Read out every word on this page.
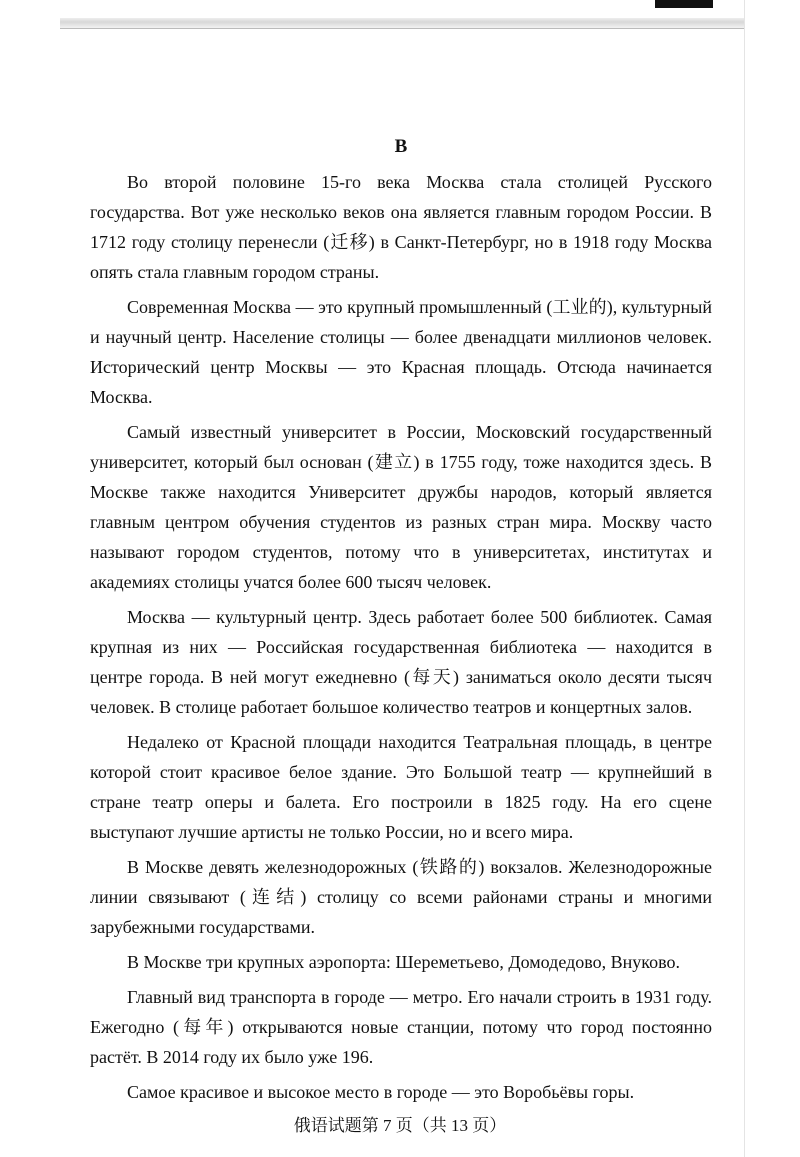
B

Во второй половине 15-го века Москва стала столицей Русского государства. Вот уже несколько веков она является главным городом России. В 1712 году столицу перенесли (迁移) в Санкт-Петербург, но в 1918 году Москва опять стала главным городом страны.

Современная Москва — это крупный промышленный (工业的), культурный и научный центр. Население столицы — более двенадцати миллионов человек. Исторический центр Москвы — это Красная площадь. Отсюда начинается Москва.

Самый известный университет в России, Московский государственный университет, который был основан (建立) в 1755 году, тоже находится здесь. В Москве также находится Университет дружбы народов, который является главным центром обучения студентов из разных стран мира. Москву часто называют городом студентов, потому что в университетах, институтах и академиях столицы учатся более 600 тысяч человек.

Москва — культурный центр. Здесь работает более 500 библиотек. Самая крупная из них — Российская государственная библиотека — находится в центре города. В ней могут ежедневно (每天) заниматься около десяти тысяч человек. В столице работает большое количество театров и концертных залов.

Недалеко от Красной площади находится Театральная площадь, в центре которой стоит красивое белое здание. Это Большой театр — крупнейший в стране театр оперы и балета. Его построили в 1825 году. На его сцене выступают лучшие артисты не только России, но и всего мира.

В Москве девять железнодорожных (铁路的) вокзалов. Железнодорожные линии связывают (连结) столицу со всеми районами страны и многими зарубежными государствами.

В Москве три крупных аэропорта: Шереметьево, Домодедово, Внуково.

Главный вид транспорта в городе — метро. Его начали строить в 1931 году. Ежегодно (每年) открываются новые станции, потому что город постоянно растёт. В 2014 году их было уже 196.

Самое красивое и высокое место в городе — это Воробьёвы горы.

俄语试题第 7 页（共 13 页）
